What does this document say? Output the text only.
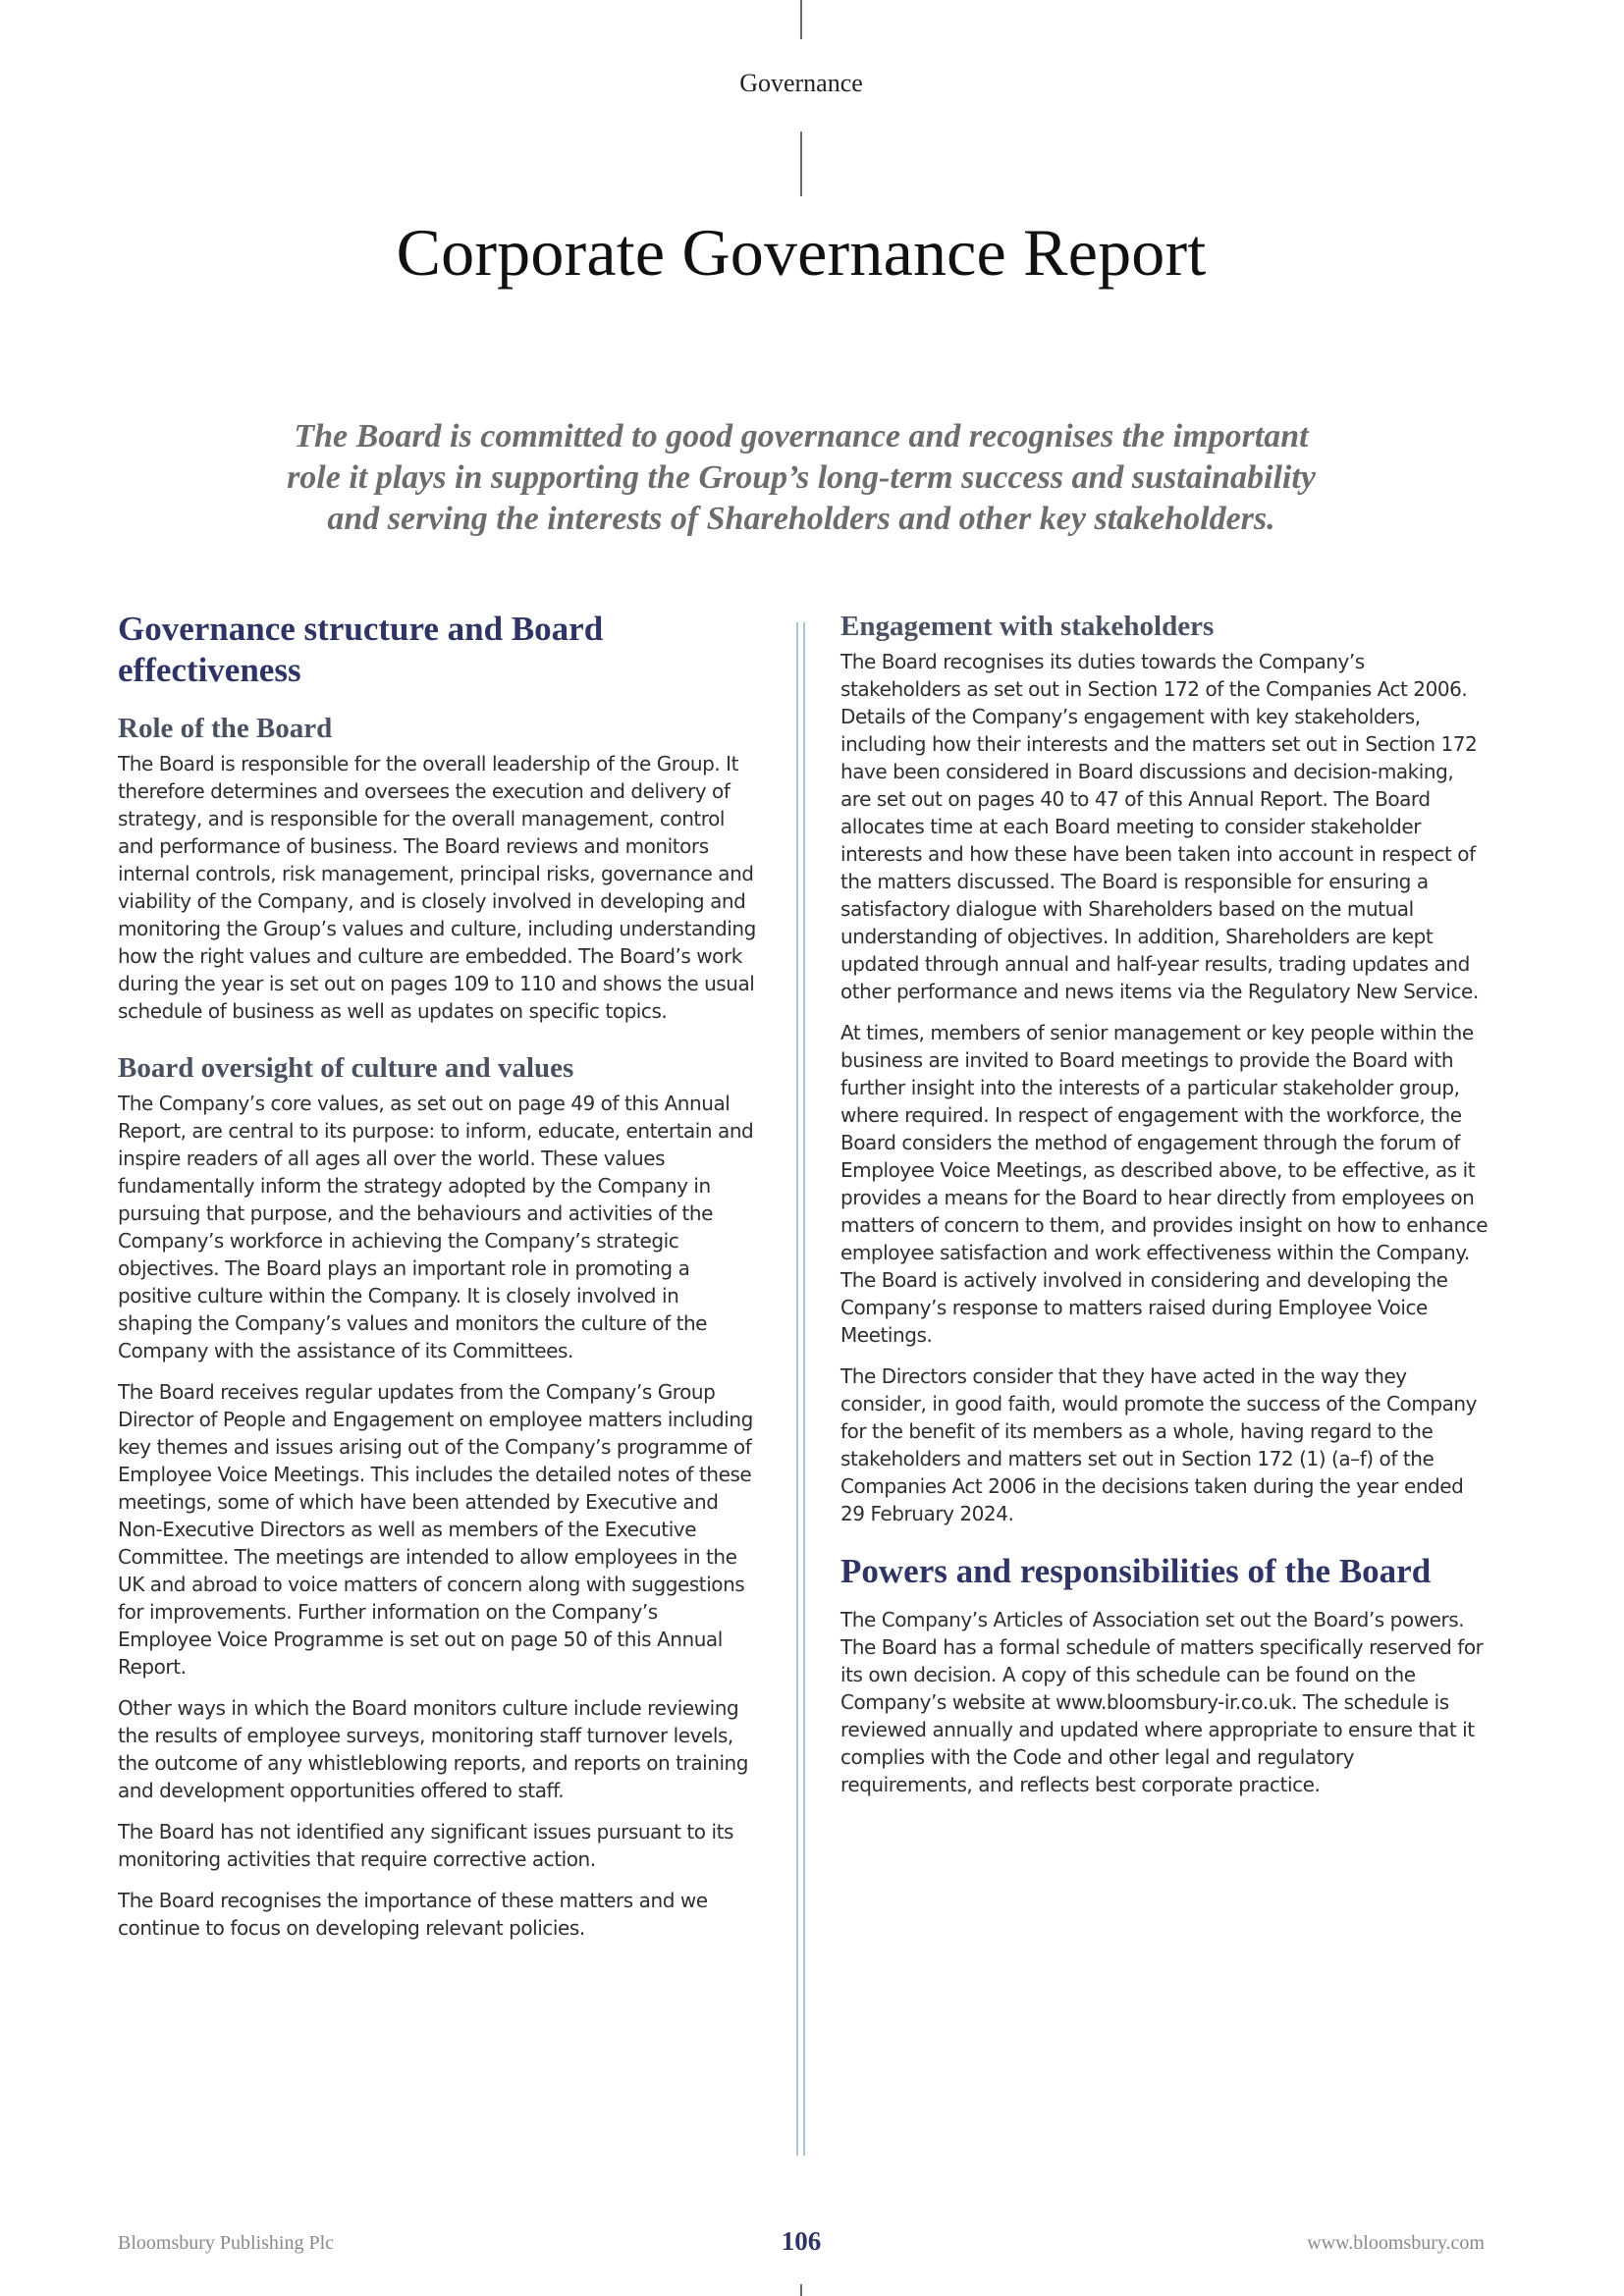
Governance
Corporate Governance Report
The Board is committed to good governance and recognises the important role it plays in supporting the Group’s long-term success and sustainability and serving the interests of Shareholders and other key stakeholders.
Governance structure and Board effectiveness
Role of the Board

The Board is responsible for the overall leadership of the Group. It therefore determines and oversees the execution and delivery of strategy, and is responsible for the overall management, control and performance of business. The Board reviews and monitors internal controls, risk management, principal risks, governance and viability of the Company, and is closely involved in developing and monitoring the Group’s values and culture, including understanding how the right values and culture are embedded. The Board’s work during the year is set out on pages 109 to 110 and shows the usual schedule of business as well as updates on specific topics.

Board oversight of culture and values

The Company’s core values, as set out on page 49 of this Annual Report, are central to its purpose: to inform, educate, entertain and inspire readers of all ages all over the world. These values fundamentally inform the strategy adopted by the Company in pursuing that purpose, and the behaviours and activities of the Company’s workforce in achieving the Company’s strategic objectives. The Board plays an important role in promoting a positive culture within the Company. It is closely involved in shaping the Company’s values and monitors the culture of the Company with the assistance of its Committees.

The Board receives regular updates from the Company’s Group Director of People and Engagement on employee matters including key themes and issues arising out of the Company’s programme of Employee Voice Meetings. This includes the detailed notes of these meetings, some of which have been attended by Executive and Non-Executive Directors as well as members of the Executive Committee. The meetings are intended to allow employees in the UK and abroad to voice matters of concern along with suggestions for improvements. Further information on the Company’s Employee Voice Programme is set out on page 50 of this Annual Report.

Other ways in which the Board monitors culture include reviewing the results of employee surveys, monitoring staff turnover levels, the outcome of any whistleblowing reports, and reports on training and development opportunities offered to staff.

The Board has not identified any significant issues pursuant to its monitoring activities that require corrective action.

The Board recognises the importance of these matters and we continue to focus on developing relevant policies.

Engagement with stakeholders

The Board recognises its duties towards the Company’s stakeholders as set out in Section 172 of the Companies Act 2006. Details of the Company’s engagement with key stakeholders, including how their interests and the matters set out in Section 172 have been considered in Board discussions and decision-making, are set out on pages 40 to 47 of this Annual Report. The Board allocates time at each Board meeting to consider stakeholder interests and how these have been taken into account in respect of the matters discussed. The Board is responsible for ensuring a satisfactory dialogue with Shareholders based on the mutual understanding of objectives. In addition, Shareholders are kept updated through annual and half-year results, trading updates and other performance and news items via the Regulatory New Service.

At times, members of senior management or key people within the business are invited to Board meetings to provide the Board with further insight into the interests of a particular stakeholder group, where required. In respect of engagement with the workforce, the Board considers the method of engagement through the forum of Employee Voice Meetings, as described above, to be effective, as it provides a means for the Board to hear directly from employees on matters of concern to them, and provides insight on how to enhance employee satisfaction and work effectiveness within the Company. The Board is actively involved in considering and developing the Company’s response to matters raised during Employee Voice Meetings.

The Directors consider that they have acted in the way they consider, in good faith, would promote the success of the Company for the benefit of its members as a whole, having regard to the stakeholders and matters set out in Section 172 (1) (a–f) of the Companies Act 2006 in the decisions taken during the year ended 29 February 2024.

Powers and responsibilities of the Board

The Company’s Articles of Association set out the Board’s powers. The Board has a formal schedule of matters specifically reserved for its own decision. A copy of this schedule can be found on the Company’s website at www.bloomsbury-ir.co.uk. The schedule is reviewed annually and updated where appropriate to ensure that it complies with the Code and other legal and regulatory requirements, and reflects best corporate practice.

Bloomsbury Publishing Plc	106	www.bloomsbury.com
